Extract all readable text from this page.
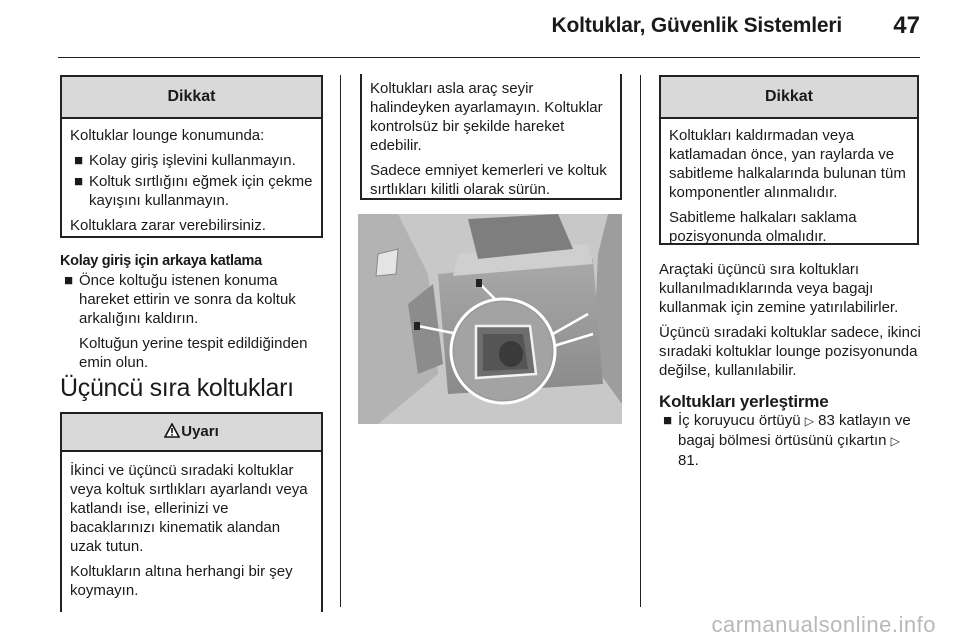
Koltuklar, Güvenlik Sistemleri 47
Dikkat

Koltuklar lounge konumunda:

■ Kolay giriş işlevini kullanmayın.
■ Koltuk sırtlığını eğmek için çekme kayışını kullanmayın.

Koltuklara zarar verebilirsiniz.

Kolay giriş için arkaya katlama
■ Önce koltuğu istenen konuma hareket ettirin ve sonra da koltuk arkalığını kaldırın.

Koltuğun yerine tespit edildiğinden emin olun.

Üçüncü sıra koltukları
Uyarı

İkinci ve üçüncü sıradaki koltuklar veya koltuk sırtlıkları ayarlandı veya katlandı ise, ellerinizi ve bacaklarınızı kinematik alandan uzak tutun.

Koltukların altına herhangi bir şey koymayın.

Koltukları asla araç seyir halindeyken ayarlamayın. Koltuklar kontrolsüz bir şekilde hareket edebilir.

Sadece emniyet kemerleri ve koltuk sırtlıkları kilitli olarak sürün.

Dikkat

Koltukları kaldırmadan veya katlamadan önce, yan raylarda ve sabitleme halkalarında bulunan tüm komponentler alınmalıdır.

Sabitleme halkaları saklama pozisyonunda olmalıdır.

Araçtaki üçüncü sıra koltukları kullanılmadıklarında veya bagajı kullanmak için zemine yatırılabilirler.

Üçüncü sıradaki koltuklar sadece, ikinci sıradaki koltuklar lounge pozisyonunda değilse, kullanılabilir.

Koltukları yerleştirme
■ İç koruyucu örtüyü ▷ 83 katlayın ve bagaj bölmesi örtüsünü çıkartın ▷ 81.
carmanualsonline.info
